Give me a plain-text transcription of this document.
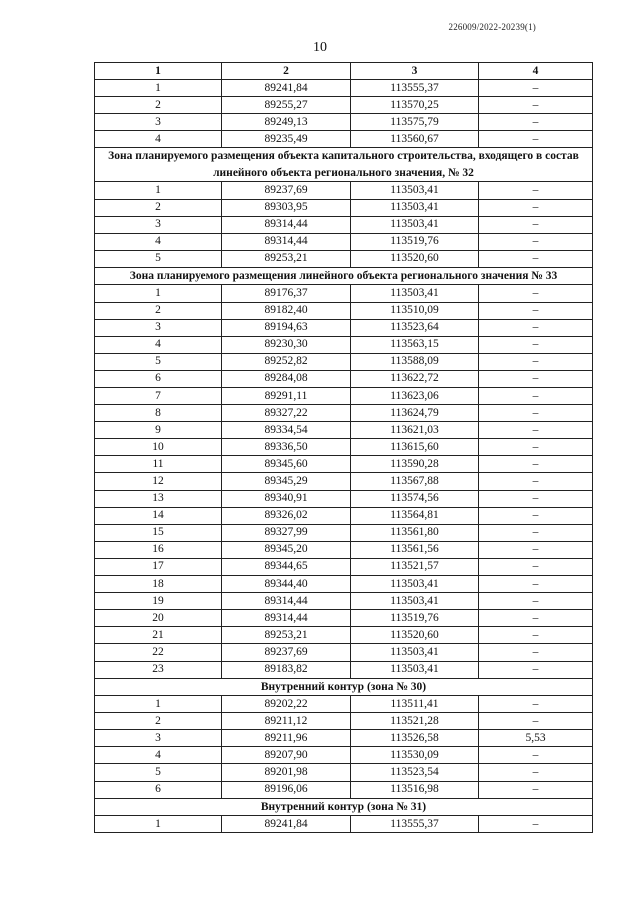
226009/2022-20239(1)
10
1	2	3	4
1	89241,84	113555,37	–
2	89255,27	113570,25	–
3	89249,13	113575,79	–
4	89235,49	113560,67	–
Зона планируемого размещения объекта капитального строительства, входящего в состав линейного объекта регионального значения, № 32			
1	89237,69	113503,41	–
2	89303,95	113503,41	–
3	89314,44	113503,41	–
4	89314,44	113519,76	–
5	89253,21	113520,60	–
Зона планируемого размещения линейного объекта регионального значения № 33			
1	89176,37	113503,41	–
2	89182,40	113510,09	–
3	89194,63	113523,64	–
4	89230,30	113563,15	–
5	89252,82	113588,09	–
6	89284,08	113622,72	–
7	89291,11	113623,06	–
8	89327,22	113624,79	–
9	89334,54	113621,03	–
10	89336,50	113615,60	–
11	89345,60	113590,28	–
12	89345,29	113567,88	–
13	89340,91	113574,56	–
14	89326,02	113564,81	–
15	89327,99	113561,80	–
16	89345,20	113561,56	–
17	89344,65	113521,57	–
18	89344,40	113503,41	–
19	89314,44	113503,41	–
20	89314,44	113519,76	–
21	89253,21	113520,60	–
22	89237,69	113503,41	–
23	89183,82	113503,41	–
Внутренний контур (зона № 30)			
1	89202,22	113511,41	–
2	89211,12	113521,28	–
3	89211,96	113526,58	5,53
4	89207,90	113530,09	–
5	89201,98	113523,54	–
6	89196,06	113516,98	–
Внутренний контур (зона № 31)			
1	89241,84	113555,37	–
